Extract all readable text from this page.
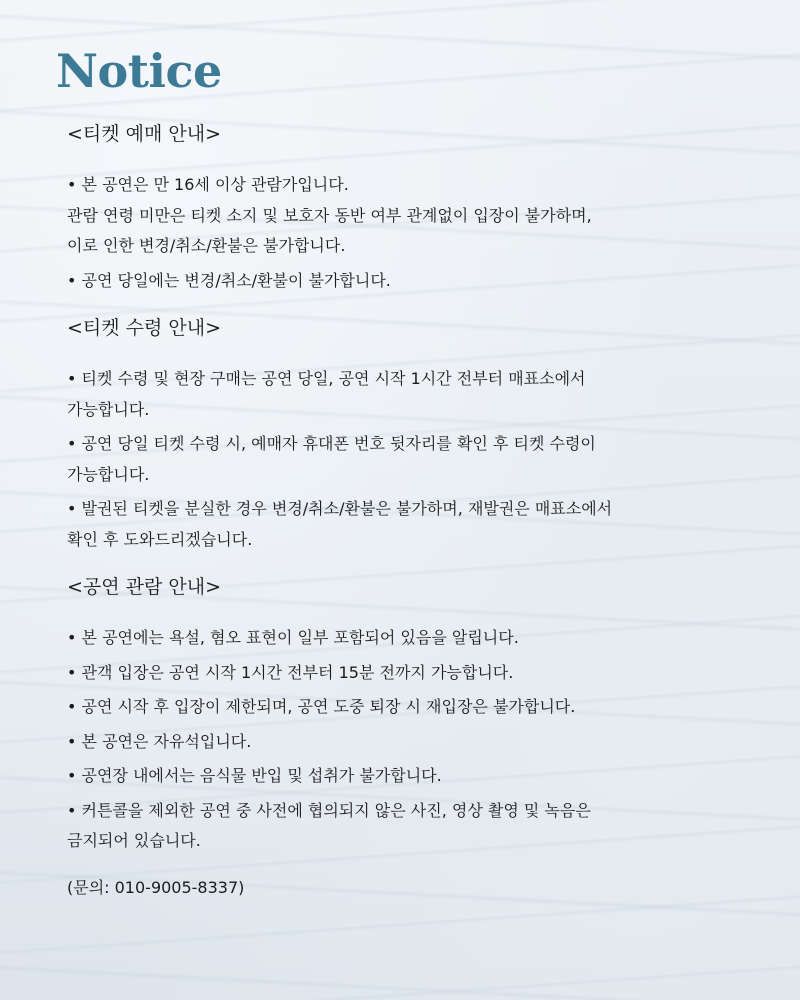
Notice
<티켓 예매 안내>
• 본 공연은 만 16세 이상 관람가입니다.
관람 연령 미만은 티켓 소지 및 보호자 동반 여부 관계없이 입장이 불가하며,
이로 인한 변경/취소/환불은 불가합니다.
• 공연 당일에는 변경/취소/환불이 불가합니다.
<티켓 수령 안내>
• 티켓 수령 및 현장 구매는 공연 당일, 공연 시작 1시간 전부터 매표소에서
가능합니다.
• 공연 당일 티켓 수령 시, 예매자 휴대폰 번호 뒷자리를 확인 후 티켓 수령이
가능합니다.
• 발권된 티켓을 분실한 경우 변경/취소/환불은 불가하며, 재발권은 매표소에서
확인 후 도와드리겠습니다.
<공연 관람 안내>
• 본 공연에는 욕설, 혐오 표현이 일부 포함되어 있음을 알립니다.
• 관객 입장은 공연 시작 1시간 전부터 15분 전까지 가능합니다.
• 공연 시작 후 입장이 제한되며, 공연 도중 퇴장 시 재입장은 불가합니다.
• 본 공연은 자유석입니다.
• 공연장 내에서는 음식물 반입 및 섭취가 불가합니다.
• 커튼콜을 제외한 공연 중 사전에 협의되지 않은 사진, 영상 촬영 및 녹음은
금지되어 있습니다.
(문의: 010-9005-8337)
